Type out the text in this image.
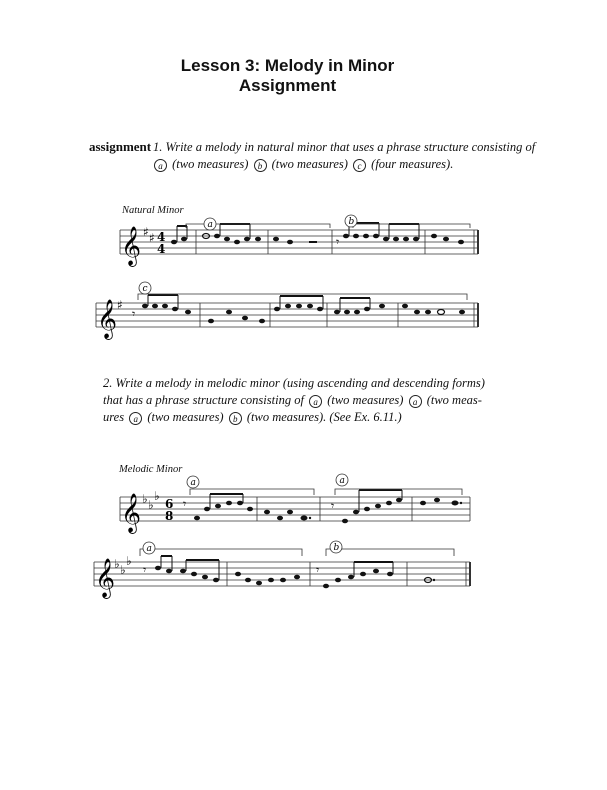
Lesson 3: Melody in Minor
Assignment
assignment 1. Write a melody in natural minor that uses a phrase structure consisting of
a (two measures) b (two measures) c (four measures).
Natural Minor
2. Write a melody in melodic minor (using ascending and descending forms)
that has a phrase structure consisting of a (two measures) a (two meas-
ures a (two measures) b (two measures). (See Ex. 6.11.)
Melodic Minor
𝄞 ♯ ♯ 4
4	𝄾
a	b
𝄞 ♯
𝄾
c
𝄞 ♭ ♭
♭
6
8
𝄾	𝄾
a	a
𝄞
♭ ♭
♭
𝄾	𝄾
a	b
